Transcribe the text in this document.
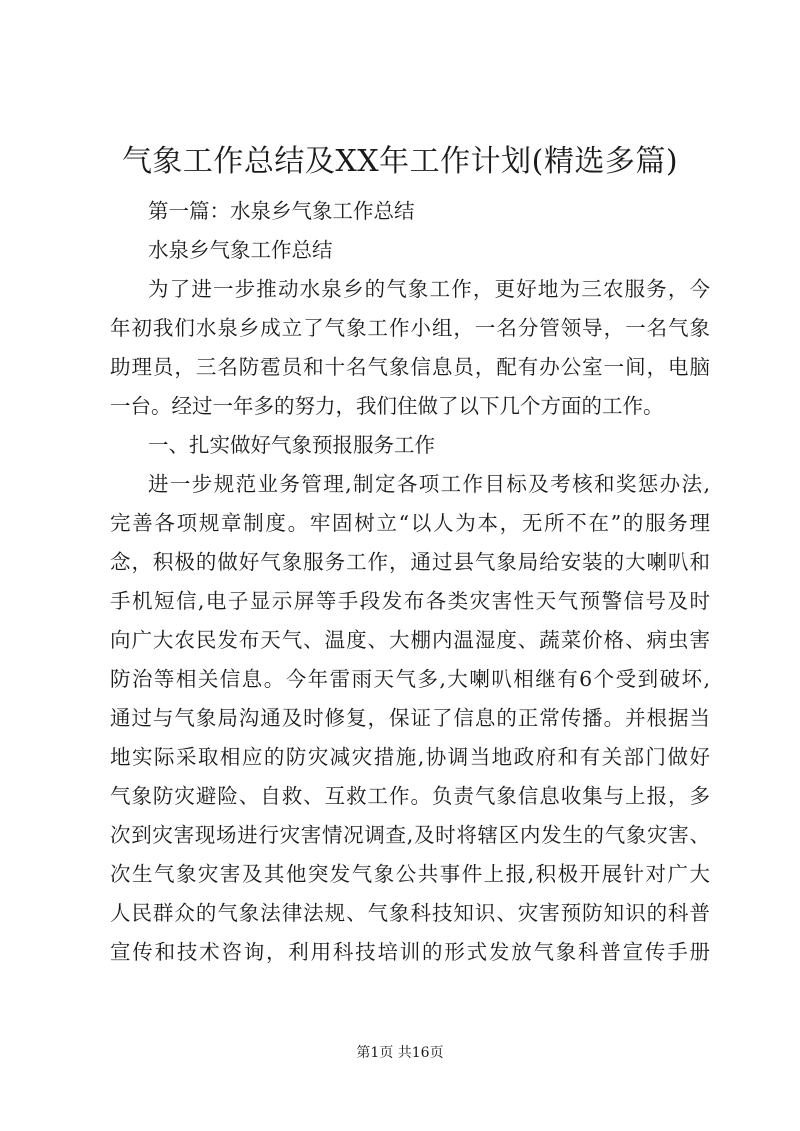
气象工作总结及XX年工作计划(精选多篇)
第一篇：水泉乡气象工作总结
水泉乡气象工作总结
为了进一步推动水泉乡的气象工作，更好地为三农服务，今
年初我们水泉乡成立了气象工作小组，一名分管领导，一名气象
助理员，三名防雹员和十名气象信息员，配有办公室一间，电脑
一台。经过一年多的努力，我们住做了以下几个方面的工作。
一、扎实做好气象预报服务工作
进一步规范业务管理,制定各项工作目标及考核和奖惩办法,
完善各项规章制度。牢固树立“以人为本，无所不在”的服务理
念，积极的做好气象服务工作，通过县气象局给安装的大喇叭和
手机短信,电子显示屏等手段发布各类灾害性天气预警信号及时
向广大农民发布天气、温度、大棚内温湿度、蔬菜价格、病虫害
防治等相关信息。今年雷雨天气多,大喇叭相继有6个受到破坏,
通过与气象局沟通及时修复，保证了信息的正常传播。并根据当
地实际采取相应的防灾减灾措施,协调当地政府和有关部门做好
气象防灾避险、自救、互救工作。负责气象信息收集与上报，多
次到灾害现场进行灾害情况调查,及时将辖区内发生的气象灾害、
次生气象灾害及其他突发气象公共事件上报,积极开展针对广大
人民群众的气象法律法规、气象科技知识、灾害预防知识的科普
宣传和技术咨询，利用科技培训的形式发放气象科普宣传手册
第1页 共16页
